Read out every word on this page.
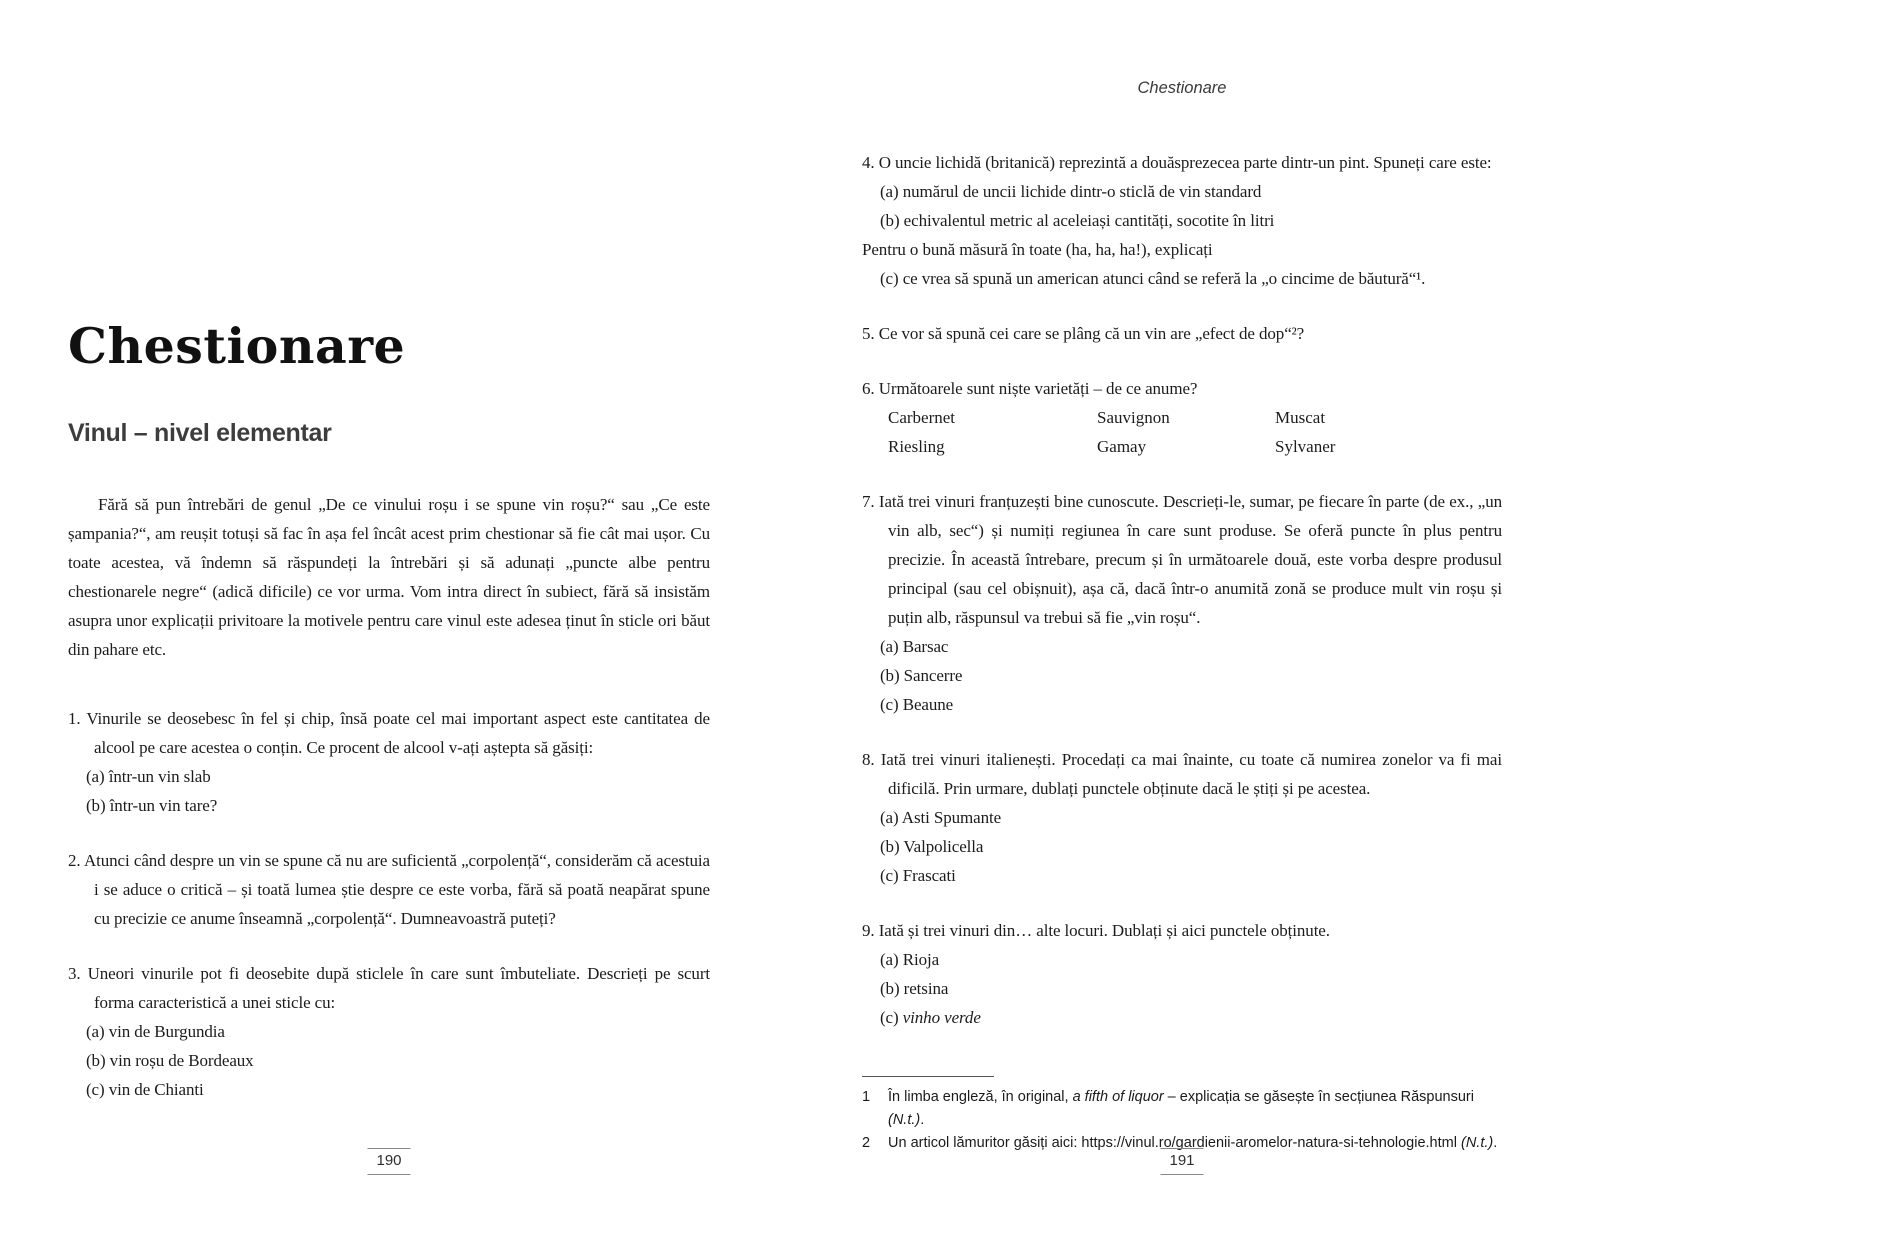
Chestionare
Vinul – nivel elementar

Fără să pun întrebări de genul „De ce vinului roșu i se spune vin roșu?“ sau „Ce este șampania?“, am reușit totuși să fac în așa fel încât acest prim chestionar să fie cât mai ușor. Cu toate acestea, vă îndemn să răspundeți la întrebări și să adunați „puncte albe pentru chestionarele negre“ (adică dificile) ce vor urma. Vom intra direct în subiect, fără să insistăm asupra unor explicații privitoare la motivele pentru care vinul este adesea ținut în sticle ori băut din pahare etc.

1. Vinurile se deosebesc în fel și chip, însă poate cel mai important aspect este cantitatea de alcool pe care acestea o conțin. Ce procent de alcool v-ați aștepta să găsiți:
(a) într-un vin slab
(b) într-un vin tare?
2. Atunci când despre un vin se spune că nu are suficientă „corpolență“, considerăm că acestuia i se aduce o critică – și toată lumea știe despre ce este vorba, fără să poată neapărat spune cu precizie ce anume înseamnă „corpolență“. Dumneavoastră puteți?
3. Uneori vinurile pot fi deosebite după sticlele în care sunt îmbuteliate. Descrieți pe scurt forma caracteristică a unei sticle cu:
(a) vin de Burgundia
(b) vin roșu de Bordeaux
(c) vin de Chianti
190
Chestionare
4. O uncie lichidă (britanică) reprezintă a douăsprezecea parte dintr-un pint. Spuneți care este:
(a) numărul de uncii lichide dintr-o sticlă de vin standard
(b) echivalentul metric al aceleiași cantități, socotite în litri
Pentru o bună măsură în toate (ha, ha, ha!), explicați
(c) ce vrea să spună un american atunci când se referă la „o cincime de băutură“¹.
5. Ce vor să spună cei care se plâng că un vin are „efect de dop“²?
6. Următoarele sunt niște varietăți – de ce anume?
Carbernet	Sauvignon	Muscat
Riesling	Gamay	Sylvaner
7. Iată trei vinuri franțuzești bine cunoscute. Descrieți-le, sumar, pe fiecare în parte (de ex., „un vin alb, sec“) și numiți regiunea în care sunt produse. Se oferă puncte în plus pentru precizie. În această întrebare, precum și în următoarele două, este vorba despre produsul principal (sau cel obișnuit), așa că, dacă într-o anumită zonă se produce mult vin roșu și puțin alb, răspunsul va trebui să fie „vin roșu“.
(a) Barsac
(b) Sancerre
(c) Beaune
8. Iată trei vinuri italienești. Procedați ca mai înainte, cu toate că numirea zonelor va fi mai dificilă. Prin urmare, dublați punctele obținute dacă le știți și pe acestea.
(a) Asti Spumante
(b) Valpolicella
(c) Frascati
9. Iată și trei vinuri din… alte locuri. Dublați și aici punctele obținute.
(a) Rioja
(b) retsina
(c) vinho verde
1 În limba engleză, în original, a fifth of liquor – explicația se găsește în secțiunea Răspunsuri (N.t.).
2 Un articol lămuritor găsiți aici: https://vinul.ro/gardienii-aromelor-natura-si-tehnologie.html (N.t.).
191
